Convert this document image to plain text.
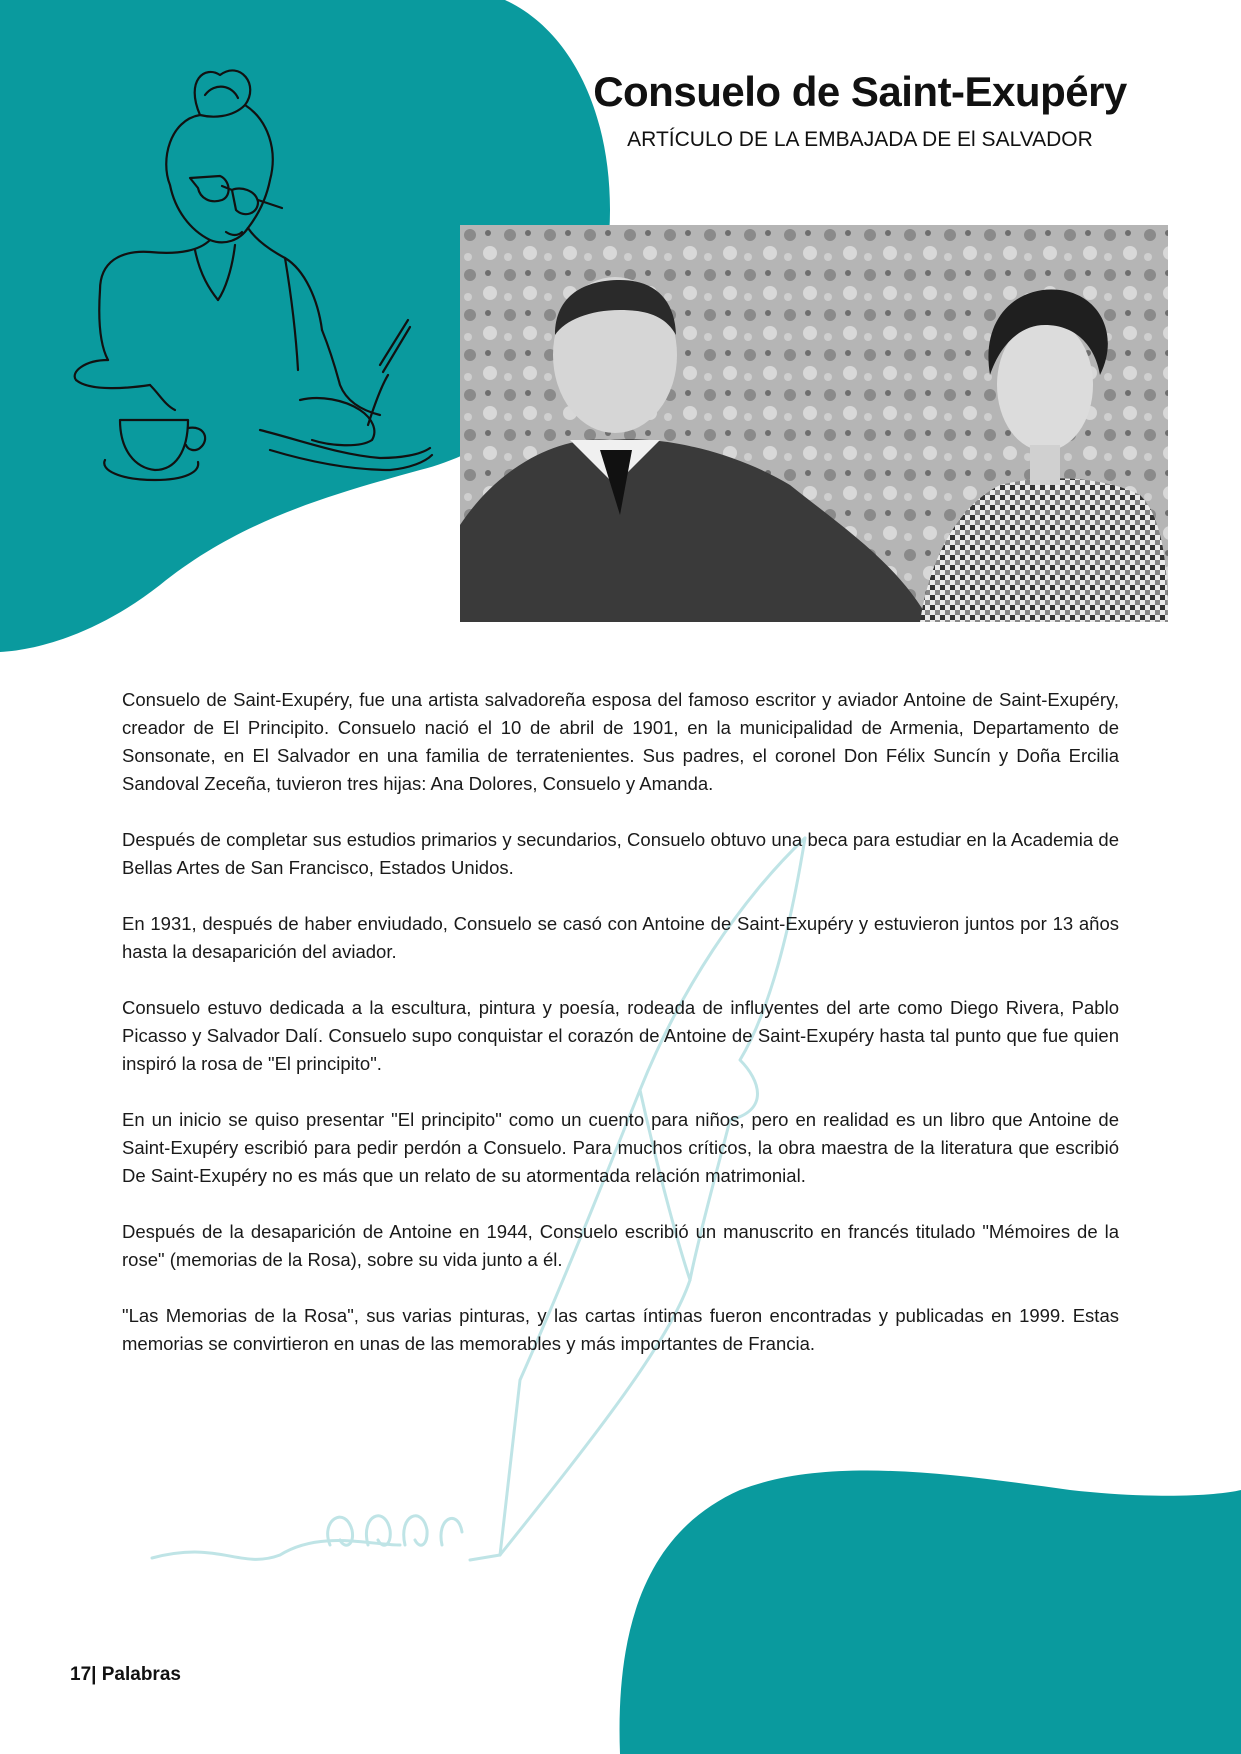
Consuelo de Saint-Exupéry

ARTÍCULO DE LA EMBAJADA DE El SALVADOR

Consuelo de Saint-Exupéry, fue una artista salvadoreña esposa del famoso escritor y aviador Antoine de Saint-Exupéry, creador de El Principito. Consuelo nació el 10 de abril de 1901, en la municipalidad de Armenia, Departamento de Sonsonate, en El Salvador en una familia de terratenientes. Sus padres, el coronel Don Félix Suncín y Doña Ercilia Sandoval Zeceña, tuvieron tres hijas: Ana Dolores, Consuelo y Amanda.

Después de completar sus estudios primarios y secundarios, Consuelo obtuvo una beca para estudiar en la Academia de Bellas Artes de San Francisco, Estados Unidos.

En 1931, después de haber enviudado, Consuelo se casó con Antoine de Saint-Exupéry y estuvieron juntos por 13 años hasta la desaparición del aviador.

Consuelo estuvo dedicada a la escultura, pintura y poesía, rodeada de influyentes del arte como Diego Rivera, Pablo Picasso y Salvador Dalí. Consuelo supo conquistar el corazón de Antoine de Saint-Exupéry hasta tal punto que fue quien inspiró la rosa de "El principito".

En un inicio se quiso presentar "El principito" como un cuento para niños, pero en realidad es un libro que Antoine de Saint-Exupéry escribió para pedir perdón a Consuelo. Para muchos críticos, la obra maestra de la literatura que escribió De Saint-Exupéry no es más que un relato de su atormentada relación matrimonial.

Después de la desaparición de Antoine en 1944, Consuelo escribió un manuscrito en francés titulado "Mémoires de la rose" (memorias de la Rosa), sobre su vida junto a él.

"Las Memorias de la Rosa", sus varias pinturas, y las cartas íntimas fueron encontradas y publicadas en 1999. Estas memorias se convirtieron en unas de las memorables y más importantes de Francia.

17| Palabras
